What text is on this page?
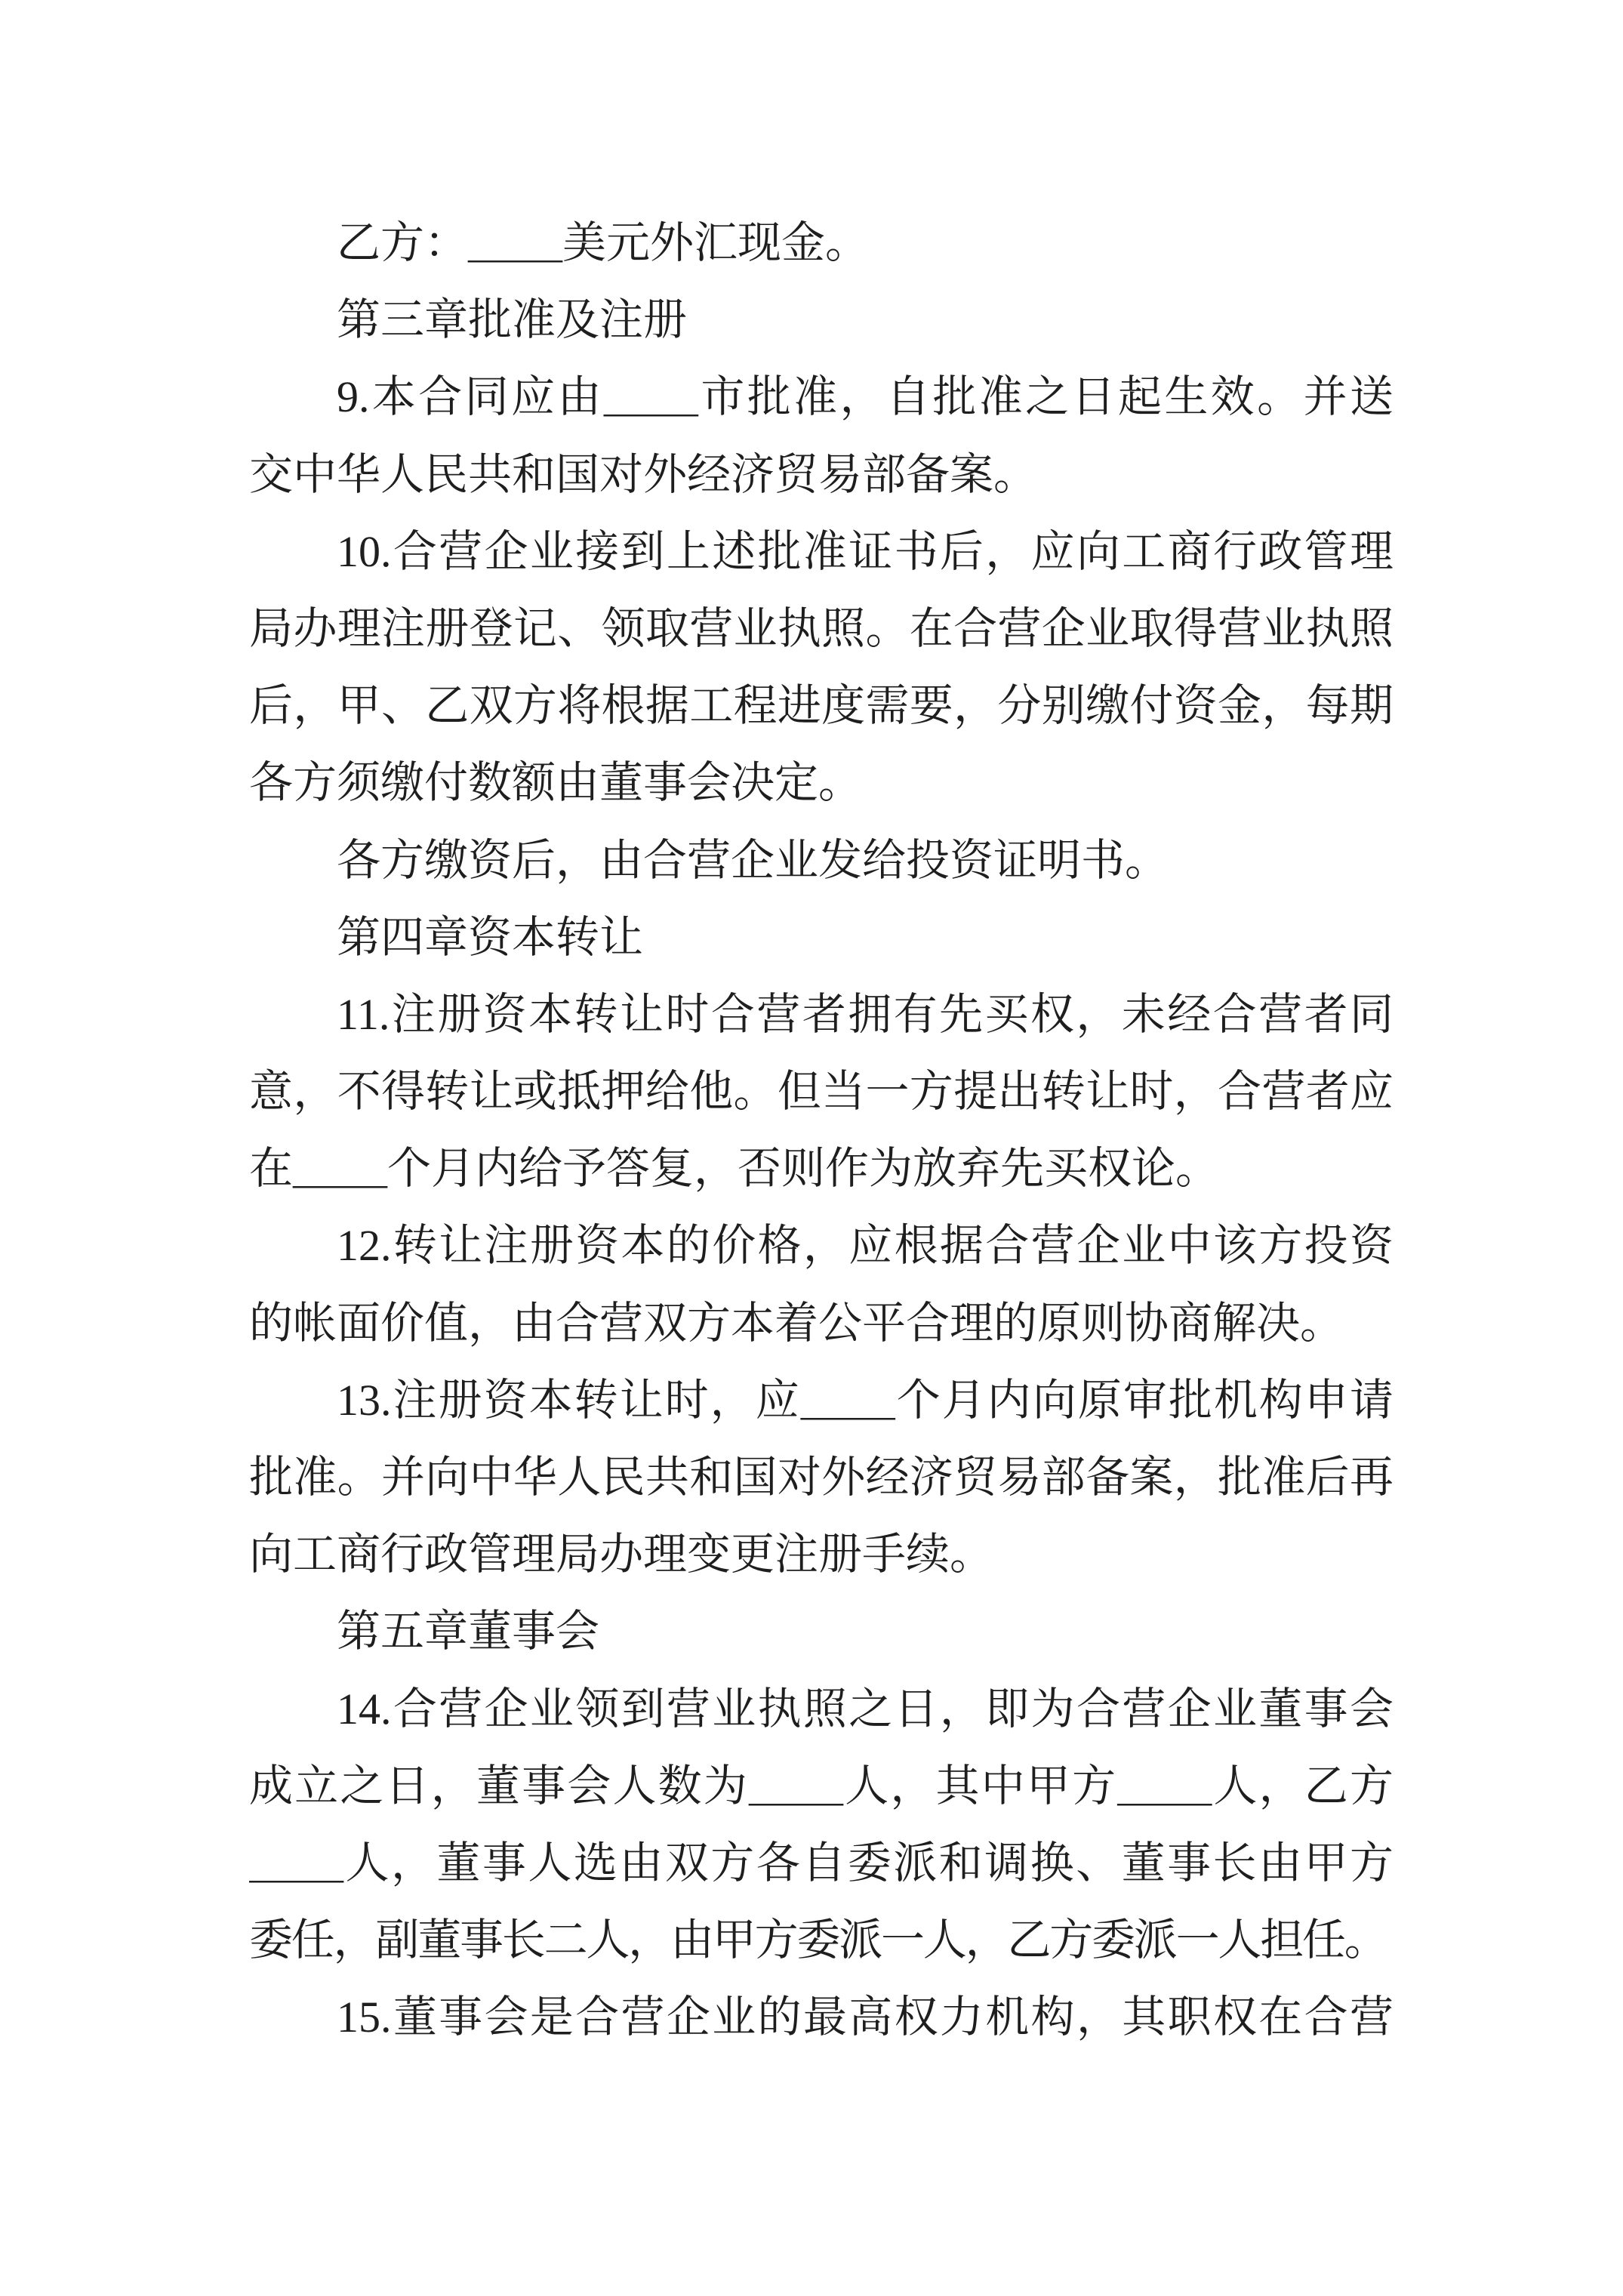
乙方：_____美元外汇现金。
第三章批准及注册
9.本合同应由_____市批准，自批准之日起生效。并送
交中华人民共和国对外经济贸易部备案。
10.合营企业接到上述批准证书后，应向工商行政管理
局办理注册登记、领取营业执照。在合营企业取得营业执照
后，甲、乙双方将根据工程进度需要，分别缴付资金，每期
各方须缴付数额由董事会决定。
各方缴资后，由合营企业发给投资证明书。
第四章资本转让
11.注册资本转让时合营者拥有先买权，未经合营者同
意，不得转让或抵押给他。但当一方提出转让时，合营者应
在_____个月内给予答复，否则作为放弃先买权论。
12.转让注册资本的价格，应根据合营企业中该方投资
的帐面价值，由合营双方本着公平合理的原则协商解决。
13.注册资本转让时，应_____个月内向原审批机构申请
批准。并向中华人民共和国对外经济贸易部备案，批准后再
向工商行政管理局办理变更注册手续。
第五章董事会
14.合营企业领到营业执照之日，即为合营企业董事会
成立之日，董事会人数为_____人，其中甲方_____人，乙方
_____人，董事人选由双方各自委派和调换、董事长由甲方
委任，副董事长二人，由甲方委派一人，乙方委派一人担任。
15.董事会是合营企业的最高权力机构，其职权在合营
